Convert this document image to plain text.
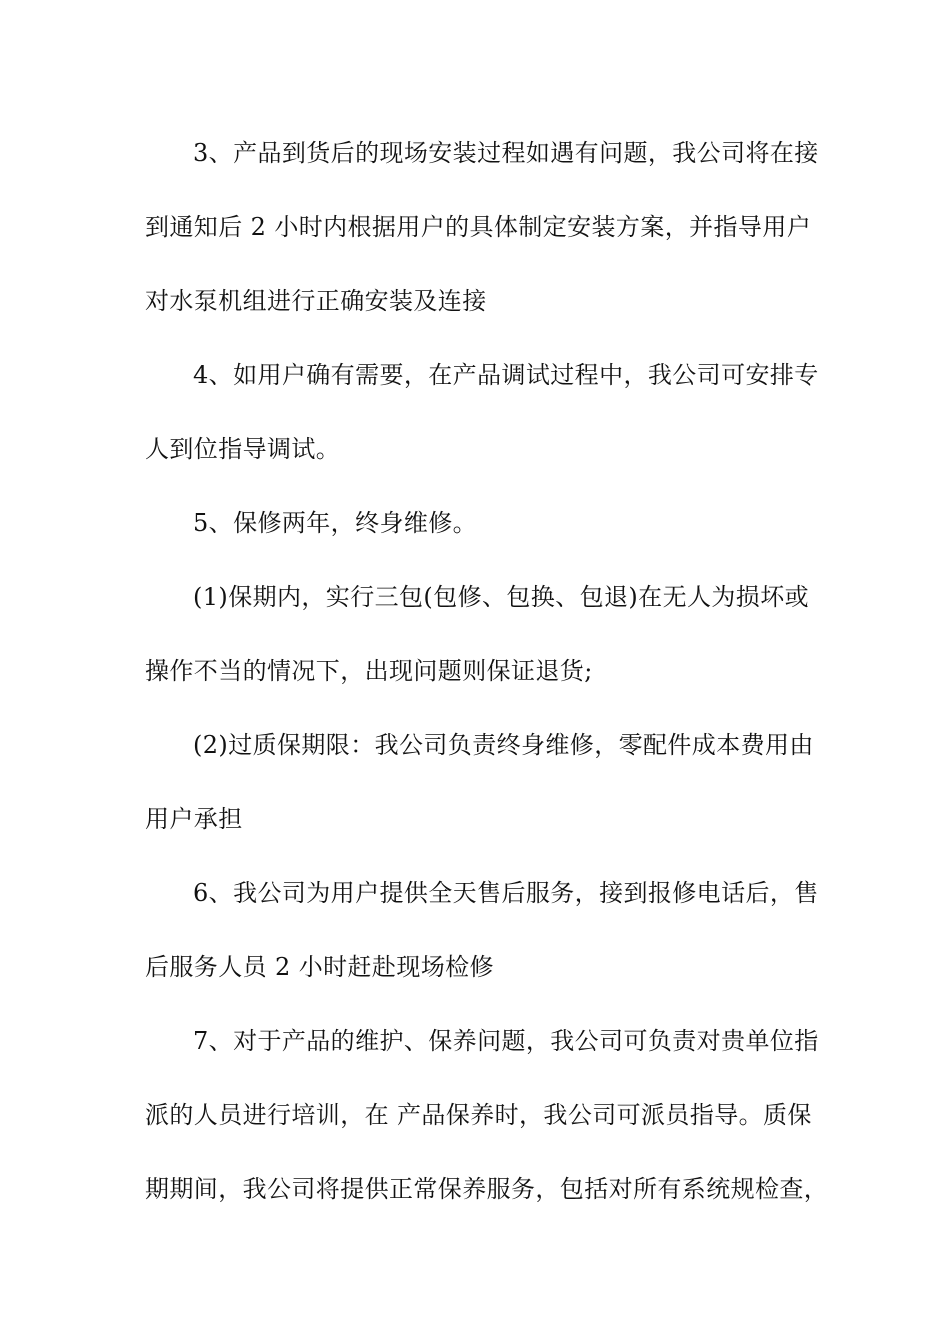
3、产品到货后的现场安装过程如遇有问题，我公司将在接
到通知后 2 小时内根据用户的具体制定安装方案，并指导用户
对水泵机组进行正确安装及连接
4、如用户确有需要，在产品调试过程中，我公司可安排专
人到位指导调试。
5、保修两年，终身维修。
(1)保期内，实行三包(包修、包换、包退)在无人为损坏或
操作不当的情况下，出现问题则保证退货;
(2)过质保期限：我公司负责终身维修，零配件成本费用由
用户承担
6、我公司为用户提供全天售后服务，接到报修电话后，售
后服务人员 2 小时赶赴现场检修
7、对于产品的维护、保养问题，我公司可负责对贵单位指
派的人员进行培训，在 产品保养时，我公司可派员指导。质保
期期间，我公司将提供正常保养服务，包括对所有系统规检查，
